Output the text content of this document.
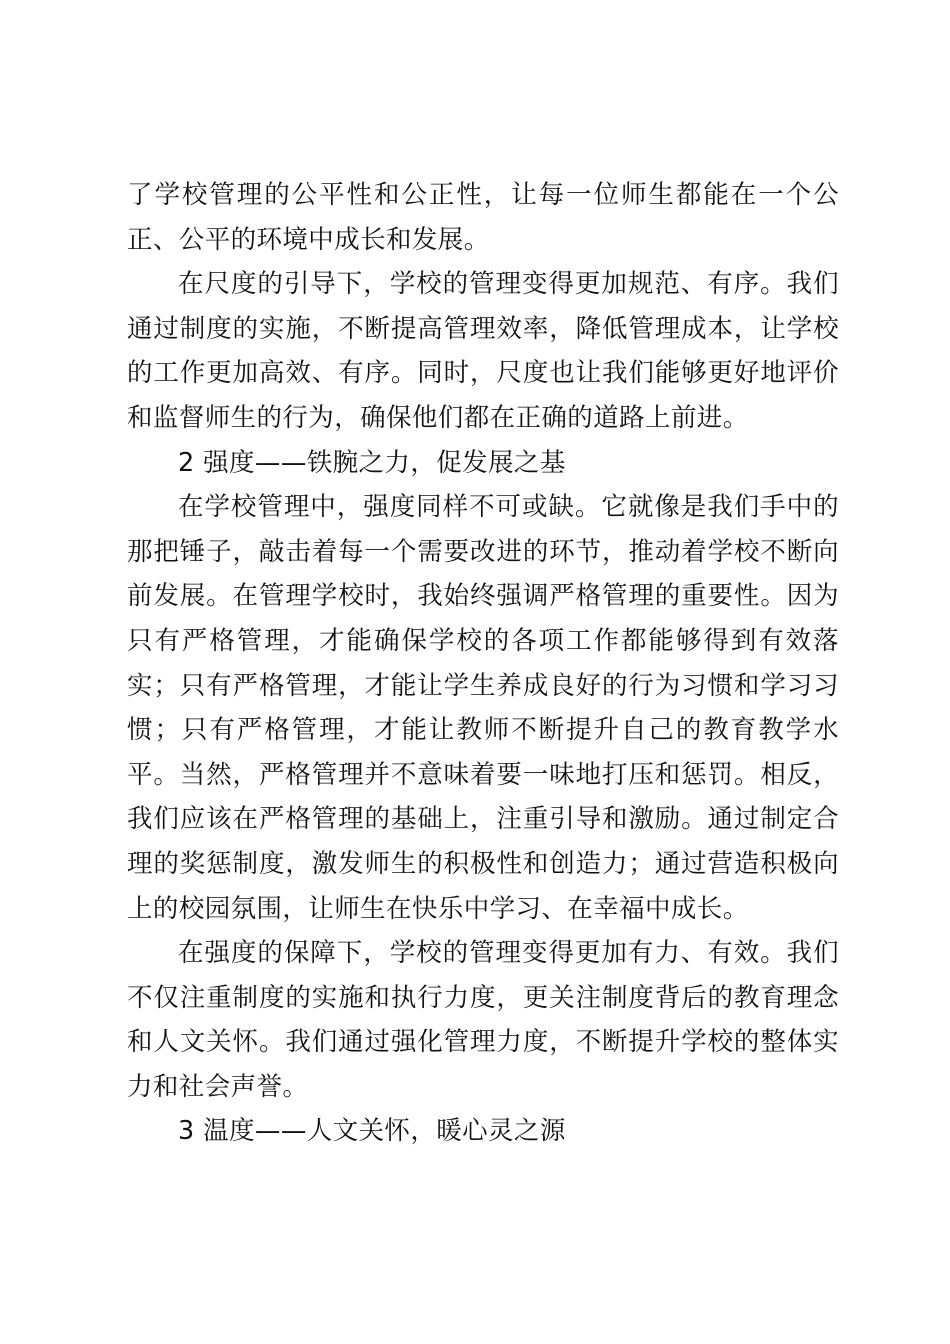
了学校管理的公平性和公正性，让每一位师生都能在一个公正、公平的环境中成长和发展。

在尺度的引导下，学校的管理变得更加规范、有序。我们通过制度的实施，不断提高管理效率，降低管理成本，让学校的工作更加高效、有序。同时，尺度也让我们能够更好地评价和监督师生的行为，确保他们都在正确的道路上前进。

2 强度——铁腕之力，促发展之基

在学校管理中，强度同样不可或缺。它就像是我们手中的那把锤子，敲击着每一个需要改进的环节，推动着学校不断向前发展。在管理学校时，我始终强调严格管理的重要性。因为只有严格管理，才能确保学校的各项工作都能够得到有效落实；只有严格管理，才能让学生养成良好的行为习惯和学习习惯；只有严格管理，才能让教师不断提升自己的教育教学水平。当然，严格管理并不意味着要一味地打压和惩罚。相反，我们应该在严格管理的基础上，注重引导和激励。通过制定合理的奖惩制度，激发师生的积极性和创造力；通过营造积极向上的校园氛围，让师生在快乐中学习、在幸福中成长。

在强度的保障下，学校的管理变得更加有力、有效。我们不仅注重制度的实施和执行力度，更关注制度背后的教育理念和人文关怀。我们通过强化管理力度，不断提升学校的整体实力和社会声誉。

3 温度——人文关怀，暖心灵之源
